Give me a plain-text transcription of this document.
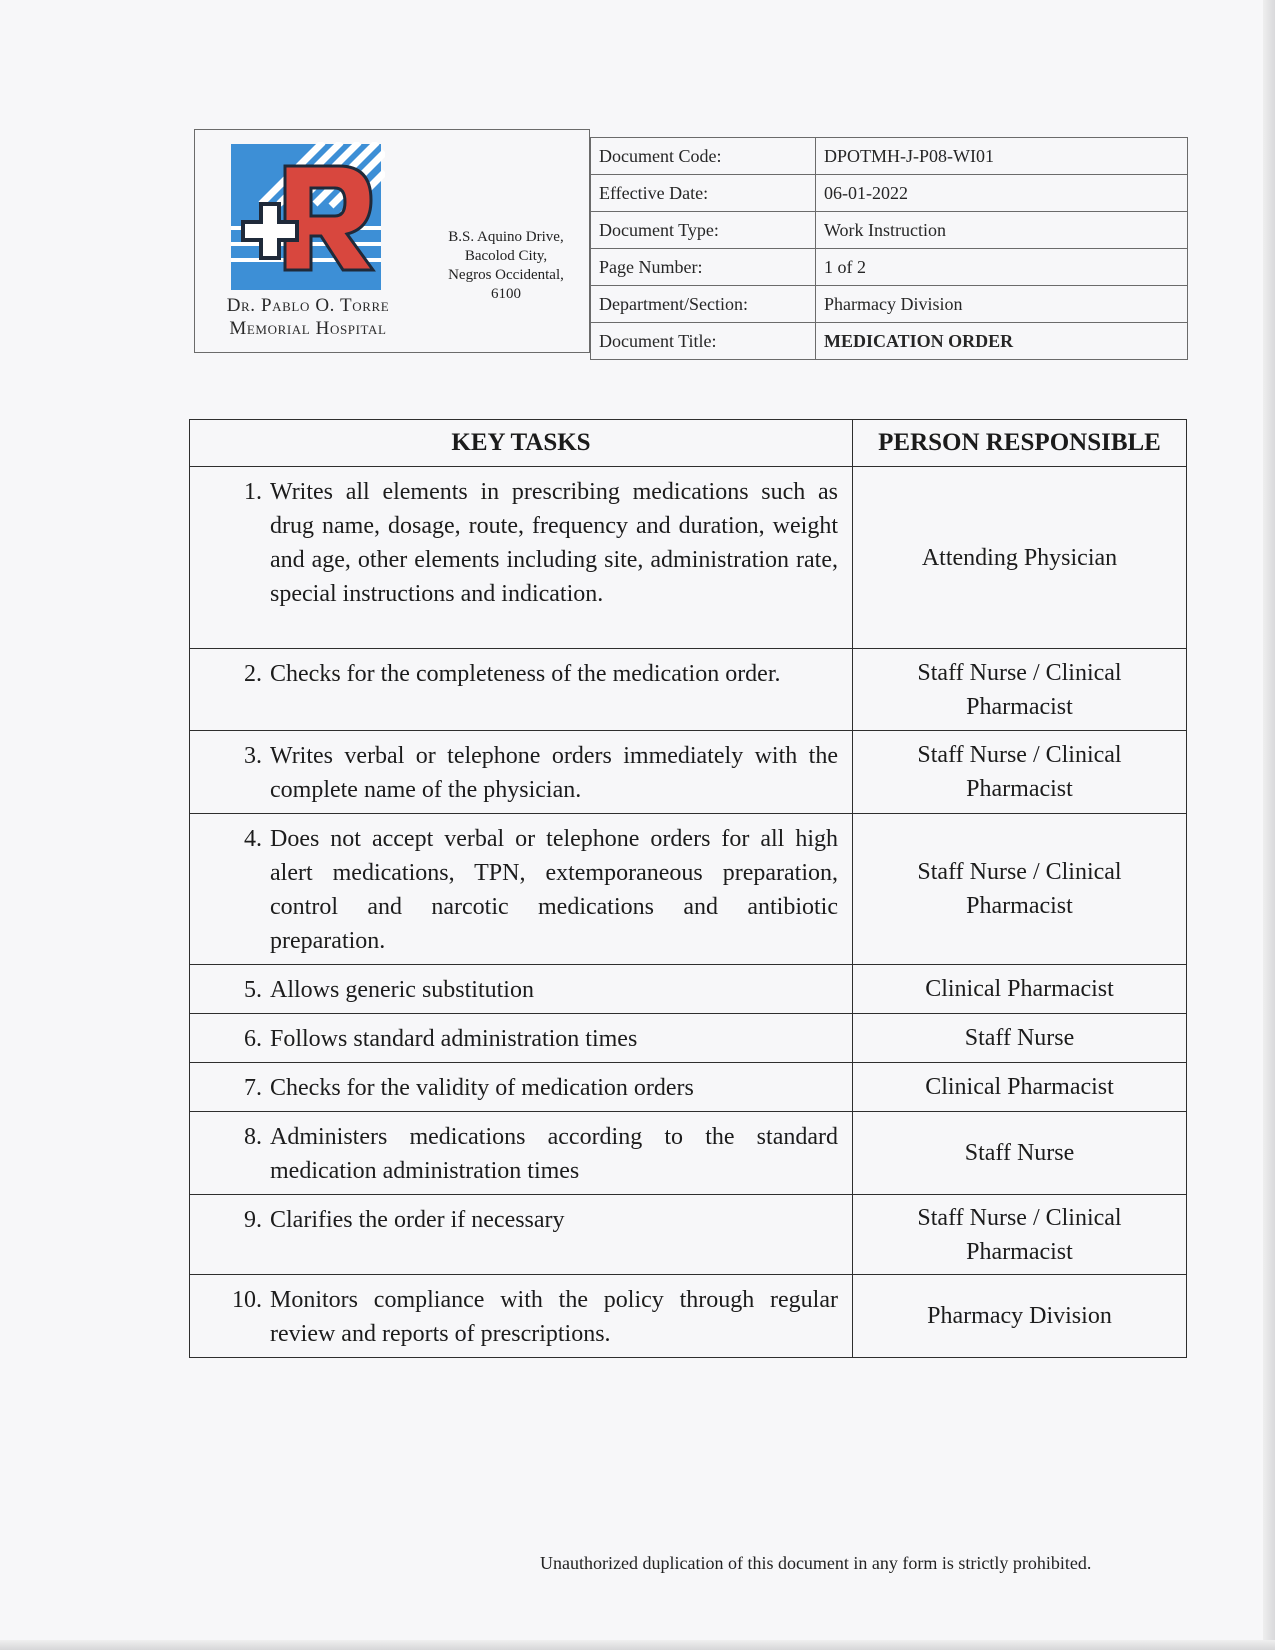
Dr. Pablo O. Torre
Memorial Hospital
B.S. Aquino Drive,
Bacolod City,
Negros Occidental,
6100
Document Code:	DPOTMH-J-P08-WI01
Effective Date:	06-01-2022
Document Type:	Work Instruction
Page Number:	1 of 2
Department/Section:	Pharmacy Division
Document Title:	MEDICATION ORDER
KEY TASKS	PERSON RESPONSIBLE

1. Writes all elements in prescribing medications such as drug name, dosage, route, frequency and duration, weight and age, other elements including site, administration rate, special instructions and indication.	Attending Physician

2. Checks for the completeness of the medication order.	Staff Nurse / Clinical Pharmacist

3. Writes verbal or telephone orders immediately with the complete name of the physician.	Staff Nurse / Clinical Pharmacist

4. Does not accept verbal or telephone orders for all high alert medications, TPN, extemporaneous preparation, control and narcotic medications and antibiotic preparation.	Staff Nurse / Clinical Pharmacist

5. Allows generic substitution	Clinical Pharmacist

6. Follows standard administration times	Staff Nurse

7. Checks for the validity of medication orders	Clinical Pharmacist

8. Administers medications according to the standard medication administration times	Staff Nurse

9. Clarifies the order if necessary	Staff Nurse / Clinical Pharmacist

10. Monitors compliance with the policy through regular review and reports of prescriptions.	Pharmacy Division
Unauthorized duplication of this document in any form is strictly prohibited.
